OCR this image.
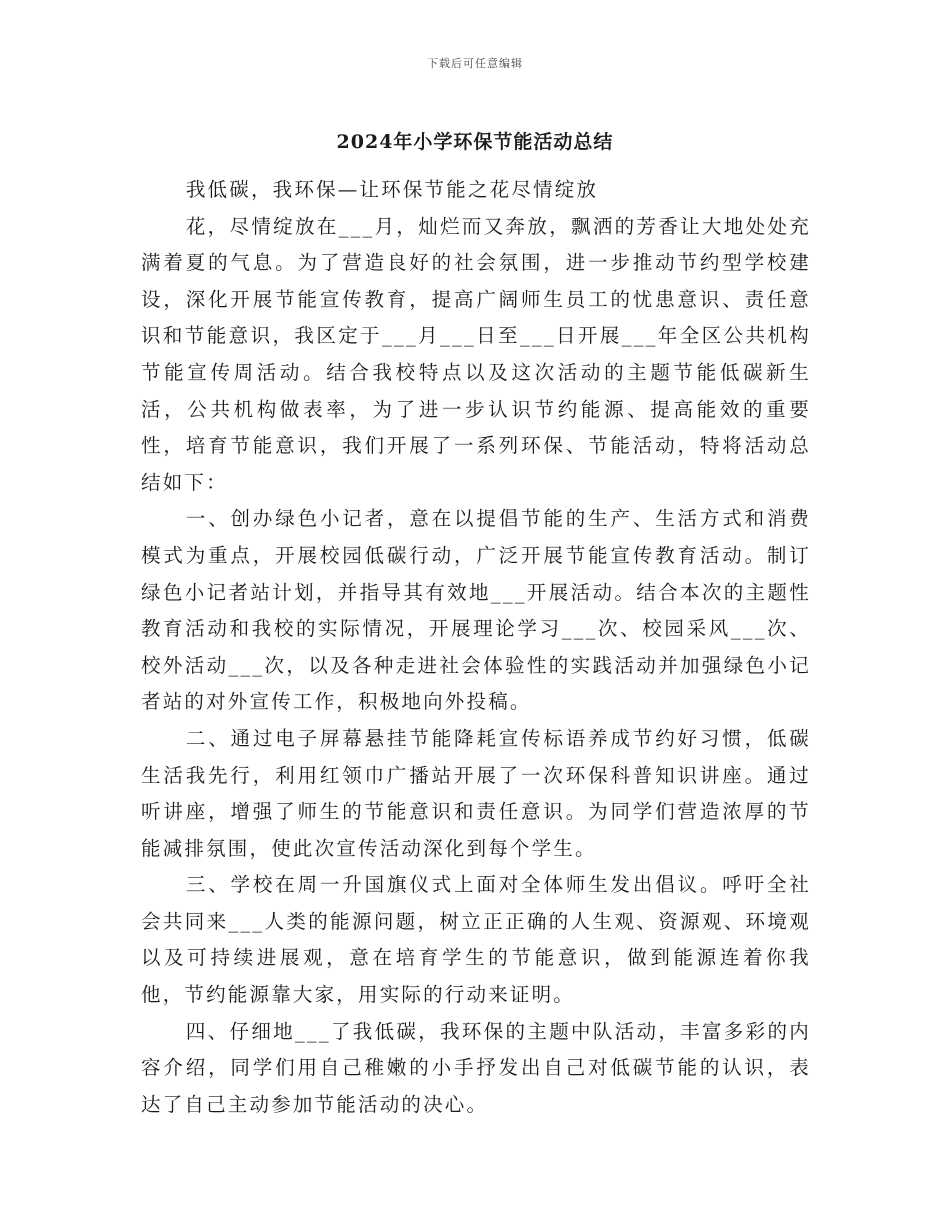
下载后可任意编辑
2024年小学环保节能活动总结

我低碳，我环保—让环保节能之花尽情绽放

花，尽情绽放在___月，灿烂而又奔放，飘洒的芳香让大地处处充满着夏的气息。为了营造良好的社会氛围，进一步推动节约型学校建设，深化开展节能宣传教育，提高广阔师生员工的忧患意识、责任意识和节能意识，我区定于___月___日至___日开展___年全区公共机构节能宣传周活动。结合我校特点以及这次活动的主题节能低碳新生活，公共机构做表率，为了进一步认识节约能源、提高能效的重要性，培育节能意识，我们开展了一系列环保、节能活动，特将活动总结如下：

一、创办绿色小记者，意在以提倡节能的生产、生活方式和消费模式为重点，开展校园低碳行动，广泛开展节能宣传教育活动。制订绿色小记者站计划，并指导其有效地___开展活动。结合本次的主题性教育活动和我校的实际情况，开展理论学习___次、校园采风___次、校外活动___次，以及各种走进社会体验性的实践活动并加强绿色小记者站的对外宣传工作，积极地向外投稿。

二、通过电子屏幕悬挂节能降耗宣传标语养成节约好习惯，低碳生活我先行，利用红领巾广播站开展了一次环保科普知识讲座。通过听讲座，增强了师生的节能意识和责任意识。为同学们营造浓厚的节能减排氛围，使此次宣传活动深化到每个学生。

三、学校在周一升国旗仪式上面对全体师生发出倡议。呼吁全社会共同来___人类的能源问题，树立正正确的人生观、资源观、环境观以及可持续进展观，意在培育学生的节能意识，做到能源连着你我他，节约能源靠大家，用实际的行动来证明。

四、仔细地___了我低碳，我环保的主题中队活动，丰富多彩的内容介绍，同学们用自己稚嫩的小手抒发出自己对低碳节能的认识，表达了自己主动参加节能活动的决心。
